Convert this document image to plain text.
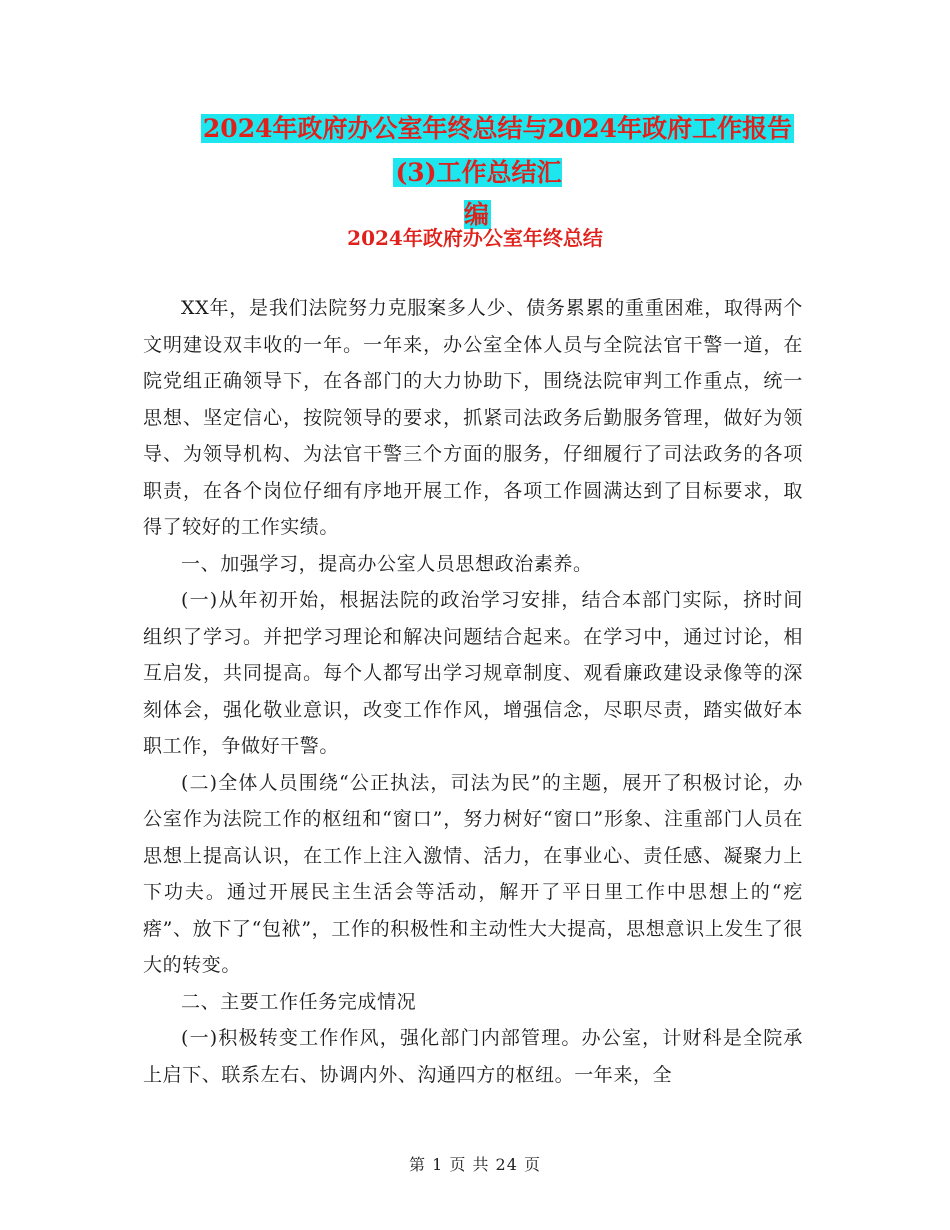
2024年政府办公室年终总结与2024年政府工作报告
(3)工作总结汇编
2024年政府办公室年终总结

XX年，是我们法院努力克服案多人少、债务累累的重重困难，取得两个文明建设双丰收的一年。一年来，办公室全体人员与全院法官干警一道，在院党组正确领导下，在各部门的大力协助下，围绕法院审判工作重点，统一思想、坚定信心，按院领导的要求，抓紧司法政务后勤服务管理，做好为领导、为领导机构、为法官干警三个方面的服务，仔细履行了司法政务的各项职责，在各个岗位仔细有序地开展工作，各项工作圆满达到了目标要求，取得了较好的工作实绩。

一、加强学习，提高办公室人员思想政治素养。

(一)从年初开始，根据法院的政治学习安排，结合本部门实际，挤时间组织了学习。并把学习理论和解决问题结合起来。在学习中，通过讨论，相互启发，共同提高。每个人都写出学习规章制度、观看廉政建设录像等的深刻体会，强化敬业意识，改变工作作风，增强信念，尽职尽责，踏实做好本职工作，争做好干警。

(二)全体人员围绕“公正执法，司法为民”的主题，展开了积极讨论，办公室作为法院工作的枢纽和“窗口”，努力树好“窗口”形象、注重部门人员在思想上提高认识，在工作上注入激情、活力，在事业心、责任感、凝聚力上下功夫。通过开展民主生活会等活动，解开了平日里工作中思想上的“疙瘩”、放下了“包袱”，工作的积极性和主动性大大提高，思想意识上发生了很大的转变。

二、主要工作任务完成情况

(一)积极转变工作作风，强化部门内部管理。办公室，计财科是全院承上启下、联系左右、协调内外、沟通四方的枢纽。一年来，全

第 1 页 共 24 页
